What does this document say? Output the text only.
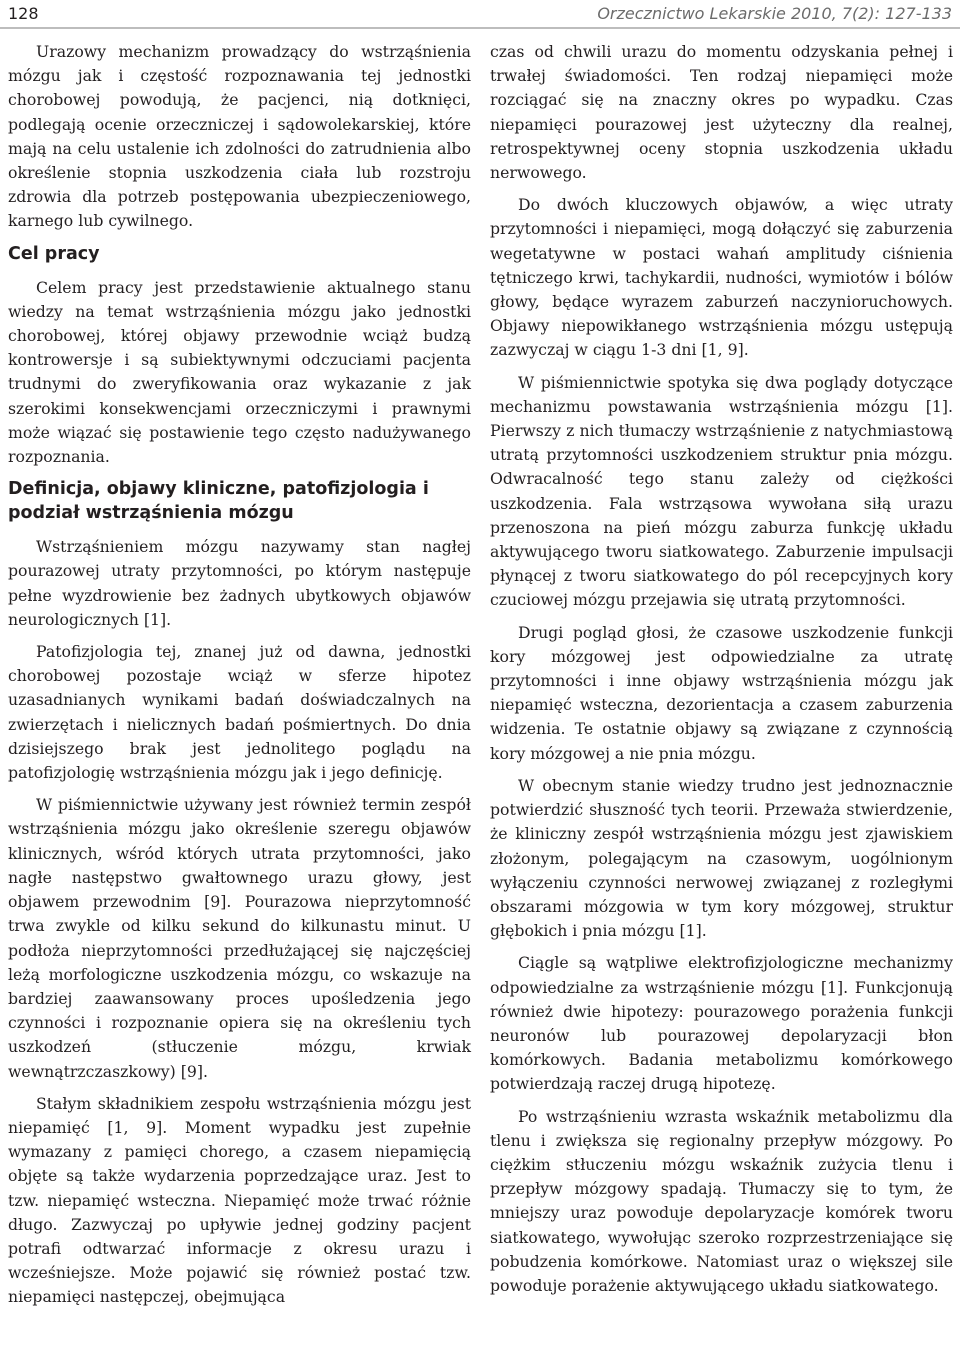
128	Orzecznictwo Lekarskie 2010, 7(2): 127-133

Urazowy mechanizm prowadzący do wstrząśnienia mózgu jak i częstość rozpoznawania tej jednostki chorobowej powodują, że pacjenci, nią dotknięci, podlegają ocenie orzeczniczej i sądowolekarskiej, które mają na celu ustalenie ich zdolności do zatrudnienia albo określenie stopnia uszkodzenia ciała lub rozstroju zdrowia dla potrzeb postępowania ubezpieczeniowego, karnego lub cywilnego.

Cel pracy

Celem pracy jest przedstawienie aktualnego stanu wiedzy na temat wstrząśnienia mózgu jako jednostki chorobowej, której objawy przewodnie wciąż budzą kontrowersje i są subiektywnymi odczuciami pacjenta trudnymi do zweryfikowania oraz wykazanie z jak szerokimi konsekwencjami orzeczniczymi i prawnymi może wiązać się postawienie tego często nadużywanego rozpoznania.

Definicja, objawy kliniczne, patofizjologia i podział wstrząśnienia mózgu

Wstrząśnieniem mózgu nazywamy stan nagłej pourazowej utraty przytomności, po którym następuje pełne wyzdrowienie bez żadnych ubytkowych objawów neurologicznych [1].

Patofizjologia tej, znanej już od dawna, jednostki chorobowej pozostaje wciąż w sferze hipotez uzasadnianych wynikami badań doświadczalnych na zwierzętach i nielicznych badań pośmiertnych. Do dnia dzisiejszego brak jest jednolitego poglądu na patofizjologię wstrząśnienia mózgu jak i jego definicję.

W piśmiennictwie używany jest również termin zespół wstrząśnienia mózgu jako określenie szeregu objawów klinicznych, wśród których utrata przytomności, jako nagłe następstwo gwałtownego urazu głowy, jest objawem przewodnim [9]. Pourazowa nieprzytomność trwa zwykle od kilku sekund do kilkunastu minut. U podłoża nieprzytomności przedłużającej się najczęściej leżą morfologiczne uszkodzenia mózgu, co wskazuje na bardziej zaawansowany proces upośledzenia jego czynności i rozpoznanie opiera się na określeniu tych uszkodzeń (stłuczenie mózgu, krwiak wewnątrzczaszkowy) [9].

Stałym składnikiem zespołu wstrząśnienia mózgu jest niepamięć [1, 9]. Moment wypadku jest zupełnie wymazany z pamięci chorego, a czasem niepamięcią objęte są także wydarzenia poprzedzające uraz. Jest to tzw. niepamięć wsteczna. Niepamięć może trwać różnie długo. Zazwyczaj po upływie jednej godziny pacjent potrafi odtwarzać informacje z okresu urazu i wcześniejsze. Może pojawić się również postać tzw. niepamięci następczej, obejmująca

czas od chwili urazu do momentu odzyskania pełnej i trwałej świadomości. Ten rodzaj niepamięci może rozciągać się na znaczny okres po wypadku. Czas niepamięci pourazowej jest użyteczny dla realnej, retrospektywnej oceny stopnia uszkodzenia układu nerwowego.

Do dwóch kluczowych objawów, a więc utraty przytomności i niepamięci, mogą dołączyć się zaburzenia wegetatywne w postaci wahań amplitudy ciśnienia tętniczego krwi, tachykardii, nudności, wymiotów i bólów głowy, będące wyrazem zaburzeń naczynioruchowych. Objawy niepowikłanego wstrząśnienia mózgu ustępują zazwyczaj w ciągu 1-3 dni [1, 9].

W piśmiennictwie spotyka się dwa poglądy dotyczące mechanizmu powstawania wstrząśnienia mózgu [1]. Pierwszy z nich tłumaczy wstrząśnienie z natychmiastową utratą przytomności uszkodzeniem struktur pnia mózgu. Odwracalność tego stanu zależy od ciężkości uszkodzenia. Fala wstrząsowa wywołana siłą urazu przenoszona na pień mózgu zaburza funkcję układu aktywującego tworu siatkowatego. Zaburzenie impulsacji płynącej z tworu siatkowatego do pól recepcyjnych kory czuciowej mózgu przejawia się utratą przytomności.

Drugi pogląd głosi, że czasowe uszkodzenie funkcji kory mózgowej jest odpowiedzialne za utratę przytomności i inne objawy wstrząśnienia mózgu jak niepamięć wsteczna, dezorientacja a czasem zaburzenia widzenia. Te ostatnie objawy są związane z czynnością kory mózgowej a nie pnia mózgu.

W obecnym stanie wiedzy trudno jest jednoznacznie potwierdzić słuszność tych teorii. Przeważa stwierdzenie, że kliniczny zespół wstrząśnienia mózgu jest zjawiskiem złożonym, polegającym na czasowym, uogólnionym wyłączeniu czynności nerwowej związanej z rozległymi obszarami mózgowia w tym kory mózgowej, struktur głębokich i pnia mózgu [1].

Ciągle są wątpliwe elektrofizjologiczne mechanizmy odpowiedzialne za wstrząśnienie mózgu [1]. Funkcjonują również dwie hipotezy: pourazowego porażenia funkcji neuronów lub pourazowej depolaryzacji błon komórkowych. Badania metabolizmu komórkowego potwierdzają raczej drugą hipotezę.

Po wstrząśnieniu wzrasta wskaźnik metabolizmu dla tlenu i zwiększa się regionalny przepływ mózgowy. Po ciężkim stłuczeniu mózgu wskaźnik zużycia tlenu i przepływ mózgowy spadają. Tłumaczy się to tym, że mniejszy uraz powoduje depolaryzacje komórek tworu siatkowatego, wywołując szeroko rozprzestrzeniające się pobudzenia komórkowe. Natomiast uraz o większej sile powoduje porażenie aktywującego układu siatkowatego.
